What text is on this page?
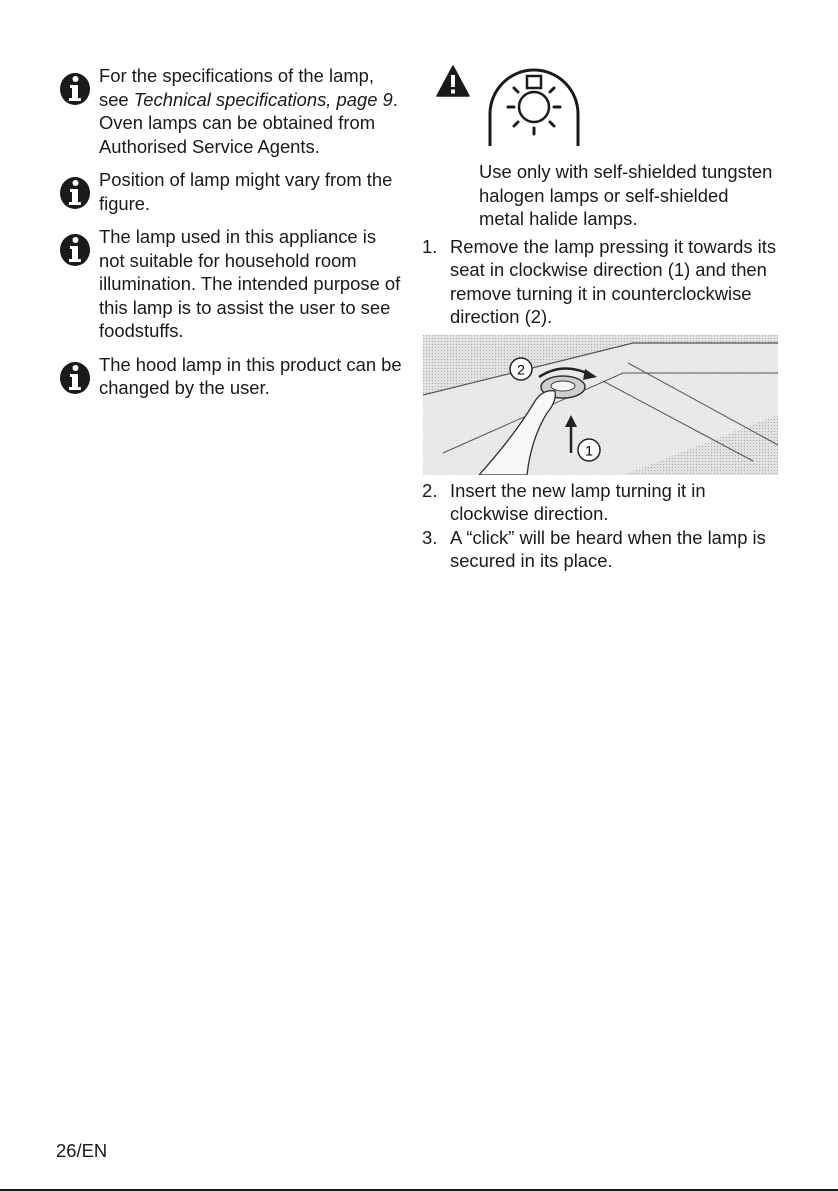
For the specifications of the lamp, see Technical specifications, page 9. Oven lamps can be obtained from Authorised Service Agents.

Position of lamp might vary from the figure.

The lamp used in this appliance is not suitable for household room illumination. The intended purpose of this lamp is to assist the user to see foodstuffs.

The hood lamp in this product can be changed by the user.

Use only with self-shielded tungsten halogen lamps or self-shielded metal halide lamps.

1. Remove the lamp pressing it towards its seat in clockwise direction (1) and then remove turning it in counterclockwise direction (2).
2
1
2. Insert the new lamp turning it in clockwise direction.
3. A “click” will be heard when the lamp is secured in its place.
26/EN
